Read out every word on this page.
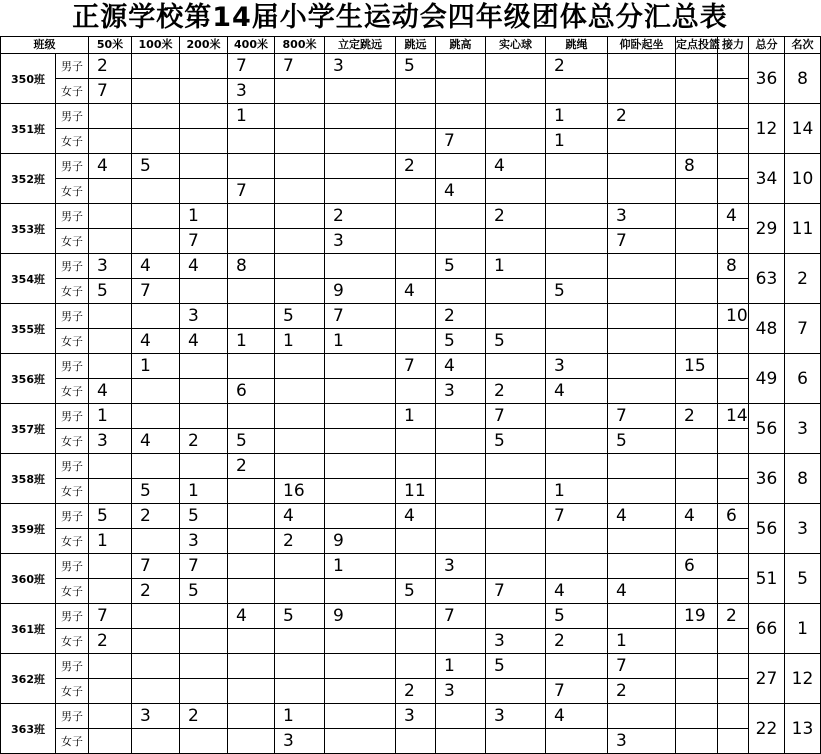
正源学校第14届小学生运动会四年级团体总分汇总表
班级		50米	100米	200米	400米	800米	立定跳远	跳远	跳高	实心球	跳绳	仰卧起坐	定点投篮	接力	总分	名次
350班	男子	2			7	7	3	5			2				36	8
	女子	7			3											
351班	男子				1						1	2			12	14
	女子								7		1					
352班	男子	4	5					2		4			8		34	10
	女子				7				4							
353班	男子			1			2			2		3		4	29	11
	女子			7			3					7				
354班	男子	3	4	4	8				5	1				8	63	2
	女子	5	7				9	4			5					
355班	男子			3		5	7		2					10	48	7
	女子		4	4	1	1	1		5	5						
356班	男子		1					7	4		3		15		49	6
	女子	4			6				3	2	4					
357班	男子	1						1		7		7	2	14	56	3
	女子	3	4	2	5					5		5				
358班	男子				2										36	8
	女子		5	1		16		11			1					
359班	男子	5	2	5		4		4			7	4	4	6	56	3
	女子	1		3		2	9									
360班	男子		7	7			1		3				6		51	5
	女子		2	5				5		7	4	4				
361班	男子	7			4	5	9		7		5		19	2	66	1
	女子	2								3	2	1				
362班	男子								1	5		7			27	12
	女子							2	3		7	2				
363班	男子		3	2		1		3		3	4				22	13
	女子					3						3				
